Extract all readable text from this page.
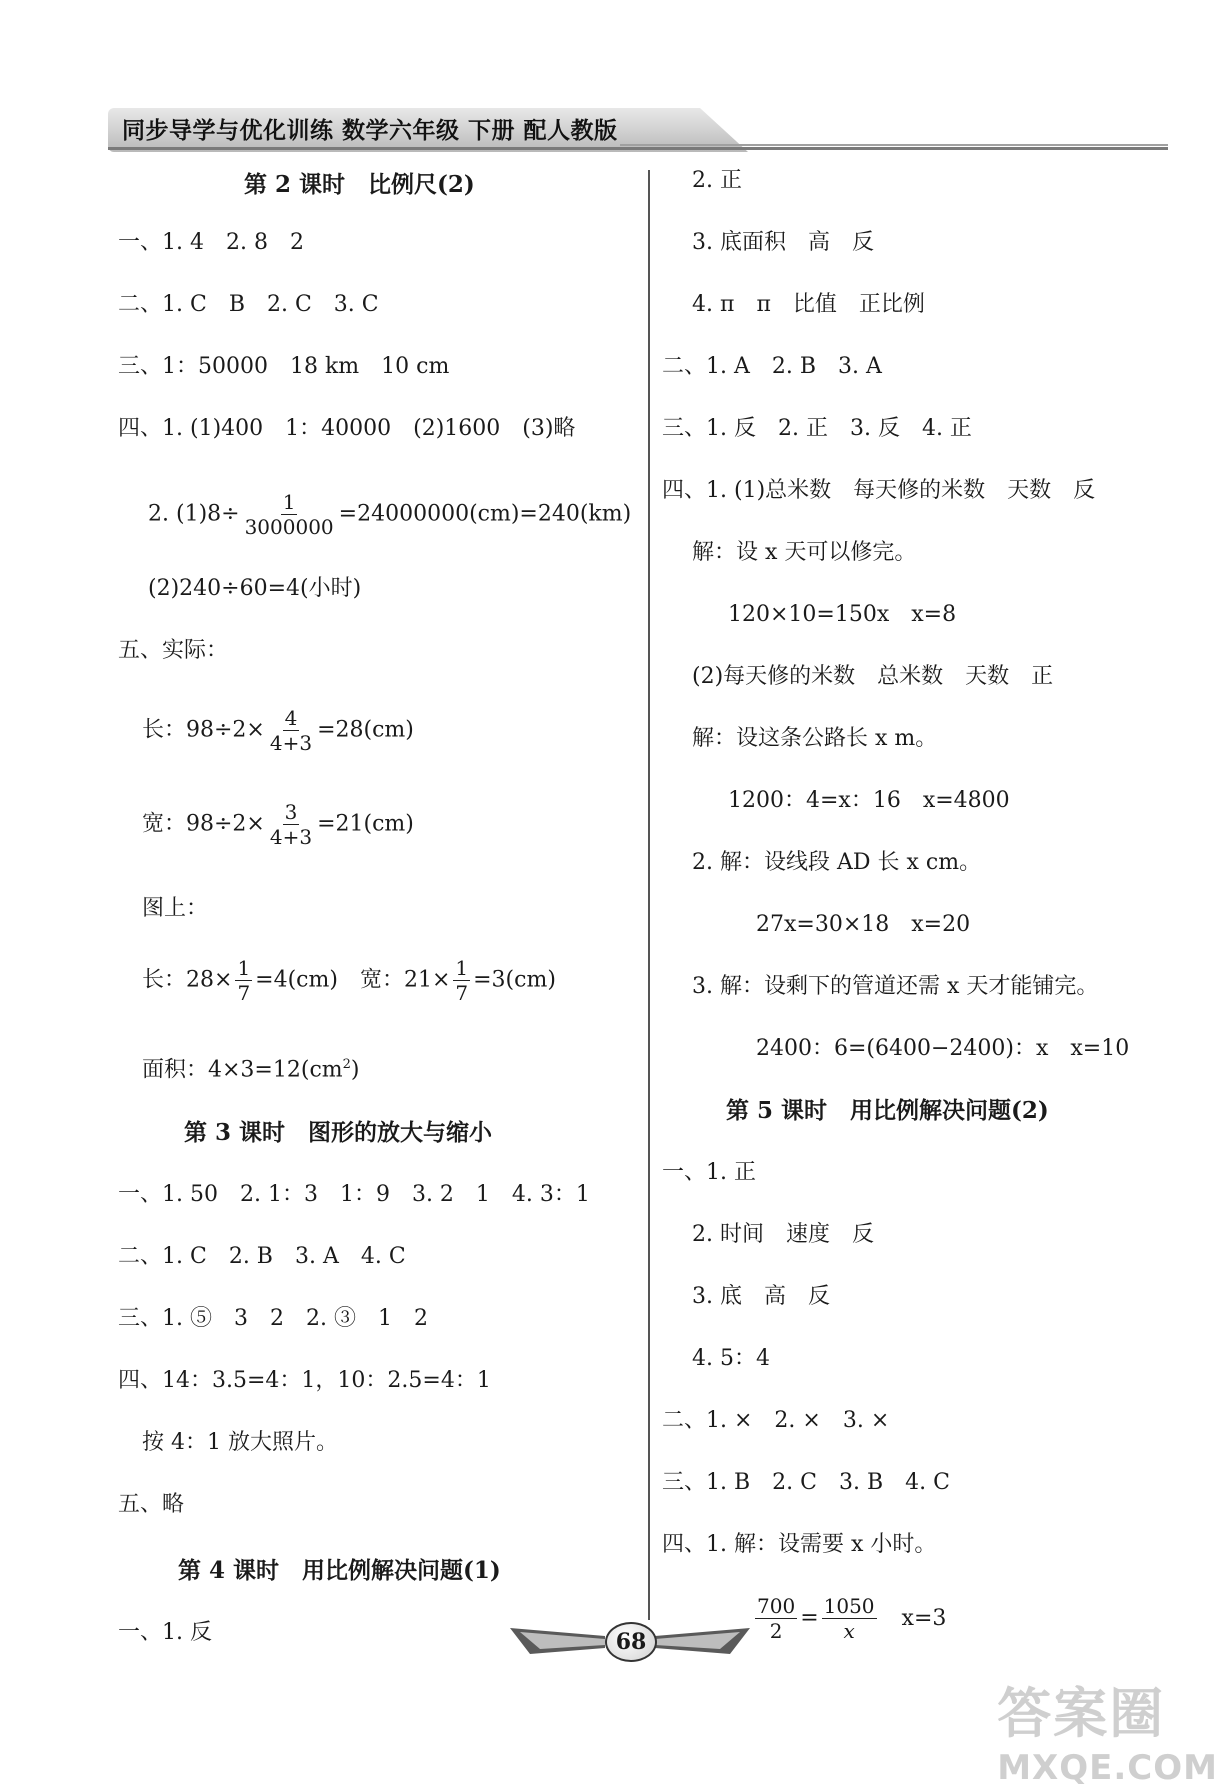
同步导学与优化训练 数学六年级 下册 配人教版
第 2 课时　比例尺(2)
一、1. 4　2. 8　2
二、1. C　B　2. C　3. C
三、1：50000　18 km　10 cm
四、1. (1)400　1：40000　(2)1600　(3)略
2. $(1)8\div \frac{1}{3000000} =24000000(cm)=240(km)$
(2)240÷60=4(小时)
五、实际：
长：$98\div 2\times \frac{4}{4+3} =28(cm)$
宽：$98\div 2\times \frac{3}{4+3} =21(cm)$
图上：
长：$28\times \frac{1}{7} =4(cm)$　宽：$21\times \frac{1}{7} =3(cm)$
面积：$4\times 3=12(cm^2)$
第 3 课时　图形的放大与缩小
一、1. 50　2. 1：3　1：9　3. 2　1　4. 3：1
二、1. C　2. B　3. A　4. C
三、1. ⑤　3　2　2. ③　1　2
四、14：3.5=4：1，10：2.5=4：1
按 4：1 放大照片。
五、略
第 4 课时　用比例解决问题(1)
一、1. 反
2. 正
3. 底面积　高　反
4. π　π　比值　正比例
二、1. A　2. B　3. A
三、1. 反　2. 正　3. 反　4. 正
四、1. (1)总米数　每天修的米数　天数　反
解：设 x 天可以修完。
120×10=150x　x=8
(2)每天修的米数　总米数　天数　正
解：设这条公路长 x m。
1200：4=x：16　x=4800
2. 解：设线段 AD 长 x cm。
27x=30×18　x=20
3. 解：设剩下的管道还需 x 天才能铺完。
2400：6=(6400−2400)：x　x=10
第 5 课时　用比例解决问题(2)
一、1. 正
2. 时间　速度　反
3. 底　高　反
4. 5：4
二、1. ×　2. ×　3. ×
三、1. B　2. C　3. B　4. C
四、1. 解：设需要 x 小时。
$\frac{700}{2} = \frac{1050}{x} x=3$
68
答案圈
MXQE.COM
